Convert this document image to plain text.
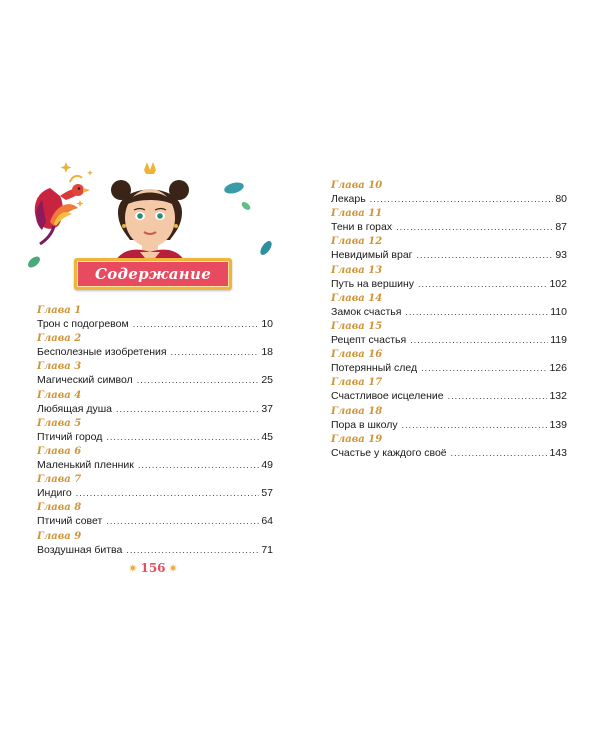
Содержание
Глава 1
Трон с подогревом .....	10
Глава 2
Бесполезные изобретения .....	18
Глава 3
Магический символ .....	25
Глава 4
Любящая душа .....	37
Глава 5
Птичий город .....	45
Глава 6
Маленький пленник .....	49
Глава 7
Индиго .....	57
Глава 8
Птичий совет .....	64
Глава 9
Воздушная битва .....	71
Глава 10
Лекарь .....	80
Глава 11
Тени в горах .....	87
Глава 12
Невидимый враг .....	93
Глава 13
Путь на вершину .....	102
Глава 14
Замок счастья .....	110
Глава 15
Рецепт счастья .....	119
Глава 16
Потерянный след .....	126
Глава 17
Счастливое исцеление .....	132
Глава 18
Пора в школу .....	139
Глава 19
Счастье у каждого своё .....	143
✷ 156 ✷
